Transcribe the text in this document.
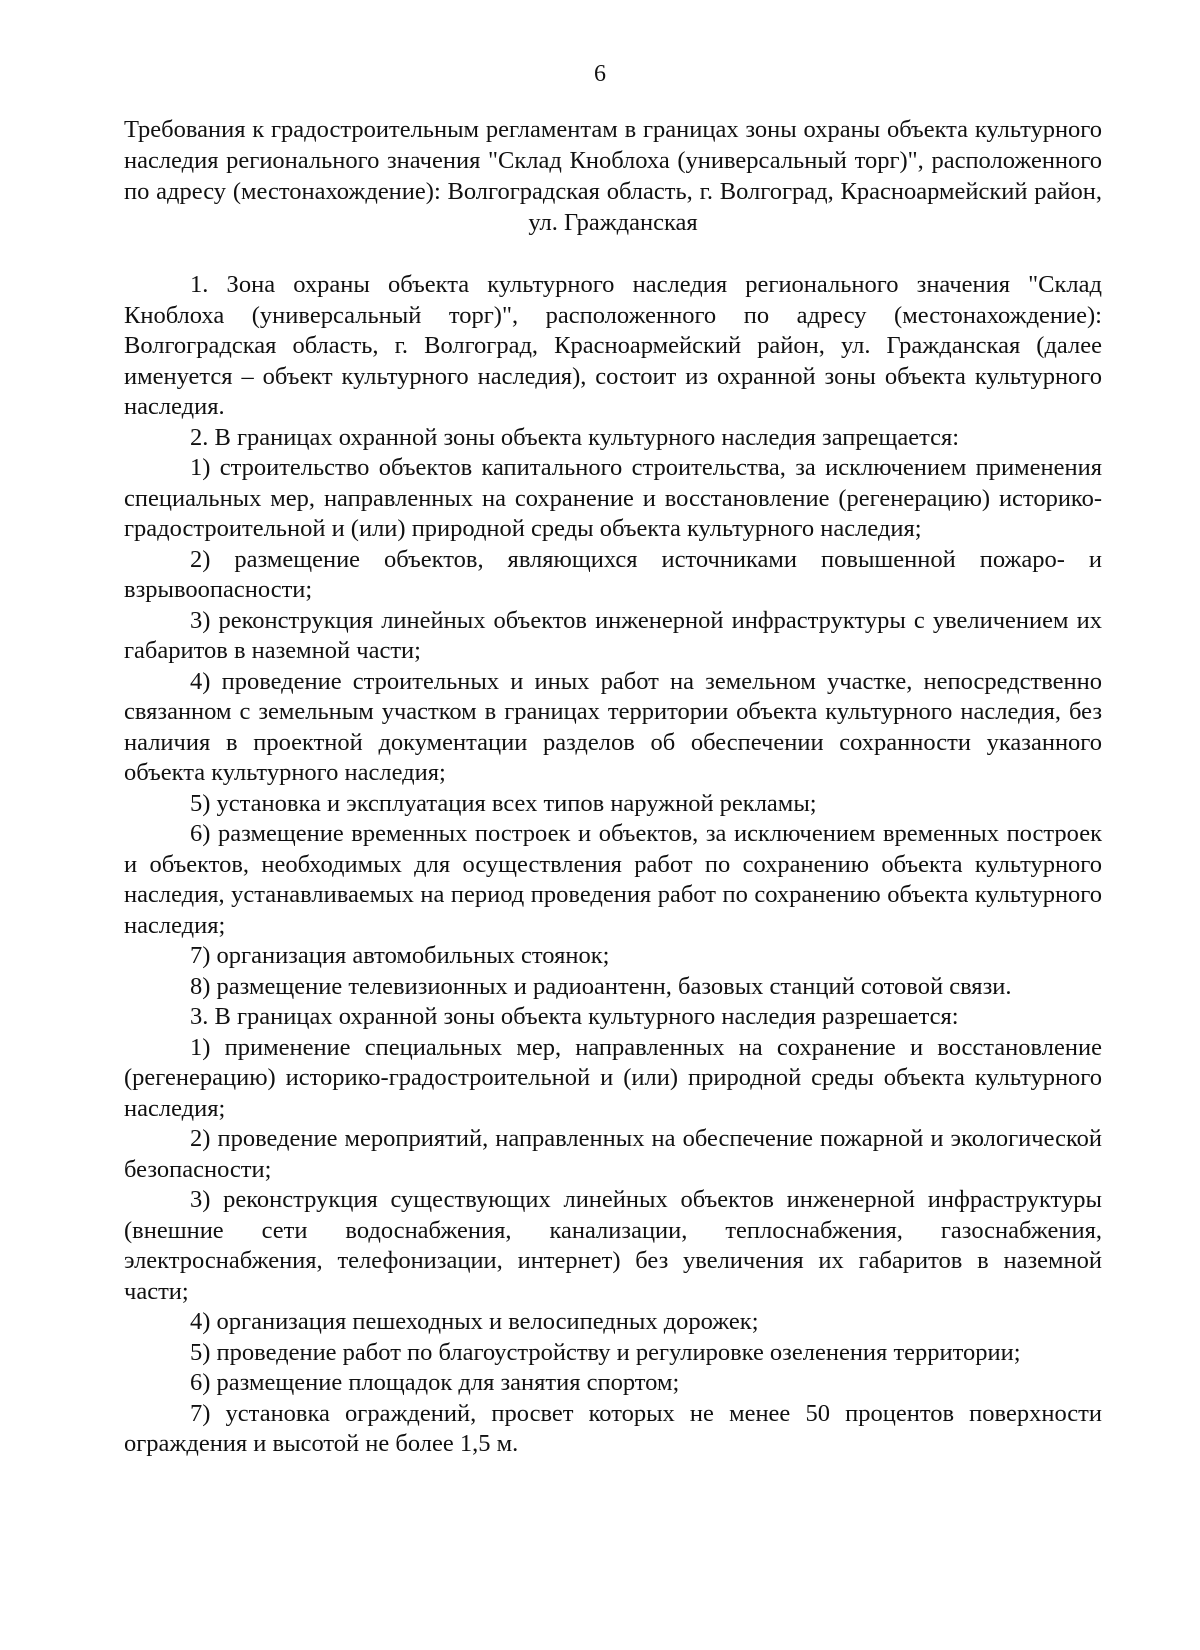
6
Требования к градостроительным регламентам в границах зоны охраны объекта культурного наследия регионального значения "Склад Кноблоха (универсальный торг)", расположенного по адресу (местонахождение): Волгоградская область, г. Волгоград, Красноармейский район, ул. Гражданская

1. Зона охраны объекта культурного наследия регионального значения "Склад Кноблоха (универсальный торг)", расположенного по адресу (местонахождение): Волгоградская область, г. Волгоград, Красноармейский район, ул. Гражданская (далее именуется – объект культурного наследия), состоит из охранной зоны объекта культурного наследия.

2. В границах охранной зоны объекта культурного наследия запрещается:

1) строительство объектов капитального строительства, за исключением применения специальных мер, направленных на сохранение и восстановление (регенерацию) историко-градостроительной и (или) природной среды объекта культурного наследия;

2) размещение объектов, являющихся источниками повышенной пожаро- и взрывоопасности;

3) реконструкция линейных объектов инженерной инфраструктуры с увеличением их габаритов в наземной части;

4) проведение строительных и иных работ на земельном участке, непосредственно связанном с земельным участком в границах территории объекта культурного наследия, без наличия в проектной документации разделов об обеспечении сохранности указанного объекта культурного наследия;

5) установка и эксплуатация всех типов наружной рекламы;

6) размещение временных построек и объектов, за исключением временных построек и объектов, необходимых для осуществления работ по сохранению объекта культурного наследия, устанавливаемых на период проведения работ по сохранению объекта культурного наследия;

7) организация автомобильных стоянок;

8) размещение телевизионных и радиоантенн, базовых станций сотовой связи.

3. В границах охранной зоны объекта культурного наследия разрешается:

1) применение специальных мер, направленных на сохранение и восстановление (регенерацию) историко-градостроительной и (или) природной среды объекта культурного наследия;

2) проведение мероприятий, направленных на обеспечение пожарной и экологической безопасности;

3) реконструкция существующих линейных объектов инженерной инфраструктуры (внешние сети водоснабжения, канализации, теплоснабжения, газоснабжения, электроснабжения, телефонизации, интернет) без увеличения их габаритов в наземной части;

4) организация пешеходных и велосипедных дорожек;

5) проведение работ по благоустройству и регулировке озеленения территории;

6) размещение площадок для занятия спортом;

7) установка ограждений, просвет которых не менее 50 процентов поверхности ограждения и высотой не более 1,5 м.
